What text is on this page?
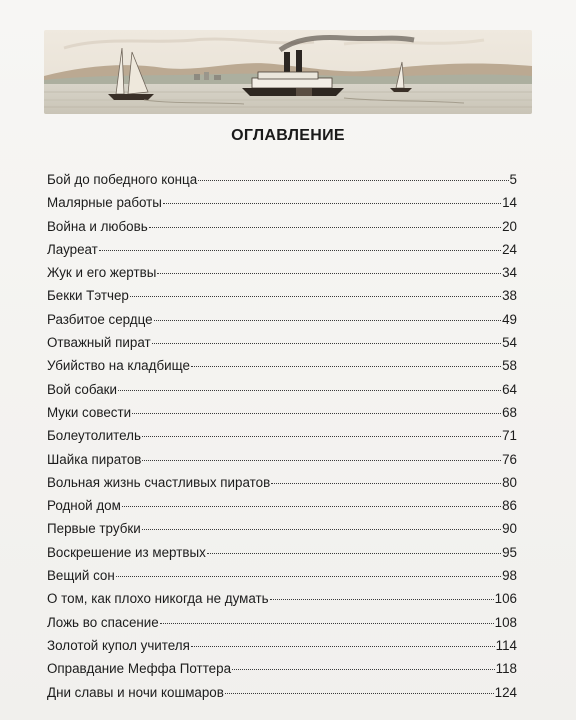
ОГЛАВЛЕНИЕ
Бой до победного конца	5
Малярные работы	14
Война и любовь	20
Лауреат	24
Жук и его жертвы	34
Бекки Тэтчер	38
Разбитое сердце	49
Отважный пират	54
Убийство на кладбище	58
Вой собаки	64
Муки совести	68
Болеутолитель	71
Шайка пиратов	76
Вольная жизнь счастливых пиратов	80
Родной дом	86
Первые трубки	90
Воскрешение из мертвых	95
Вещий сон	98
О том, как плохо никогда не думать	106
Ложь во спасение	108
Золотой купол учителя	114
Оправдание Меффа Поттера	118
Дни славы и ночи кошмаров	124
